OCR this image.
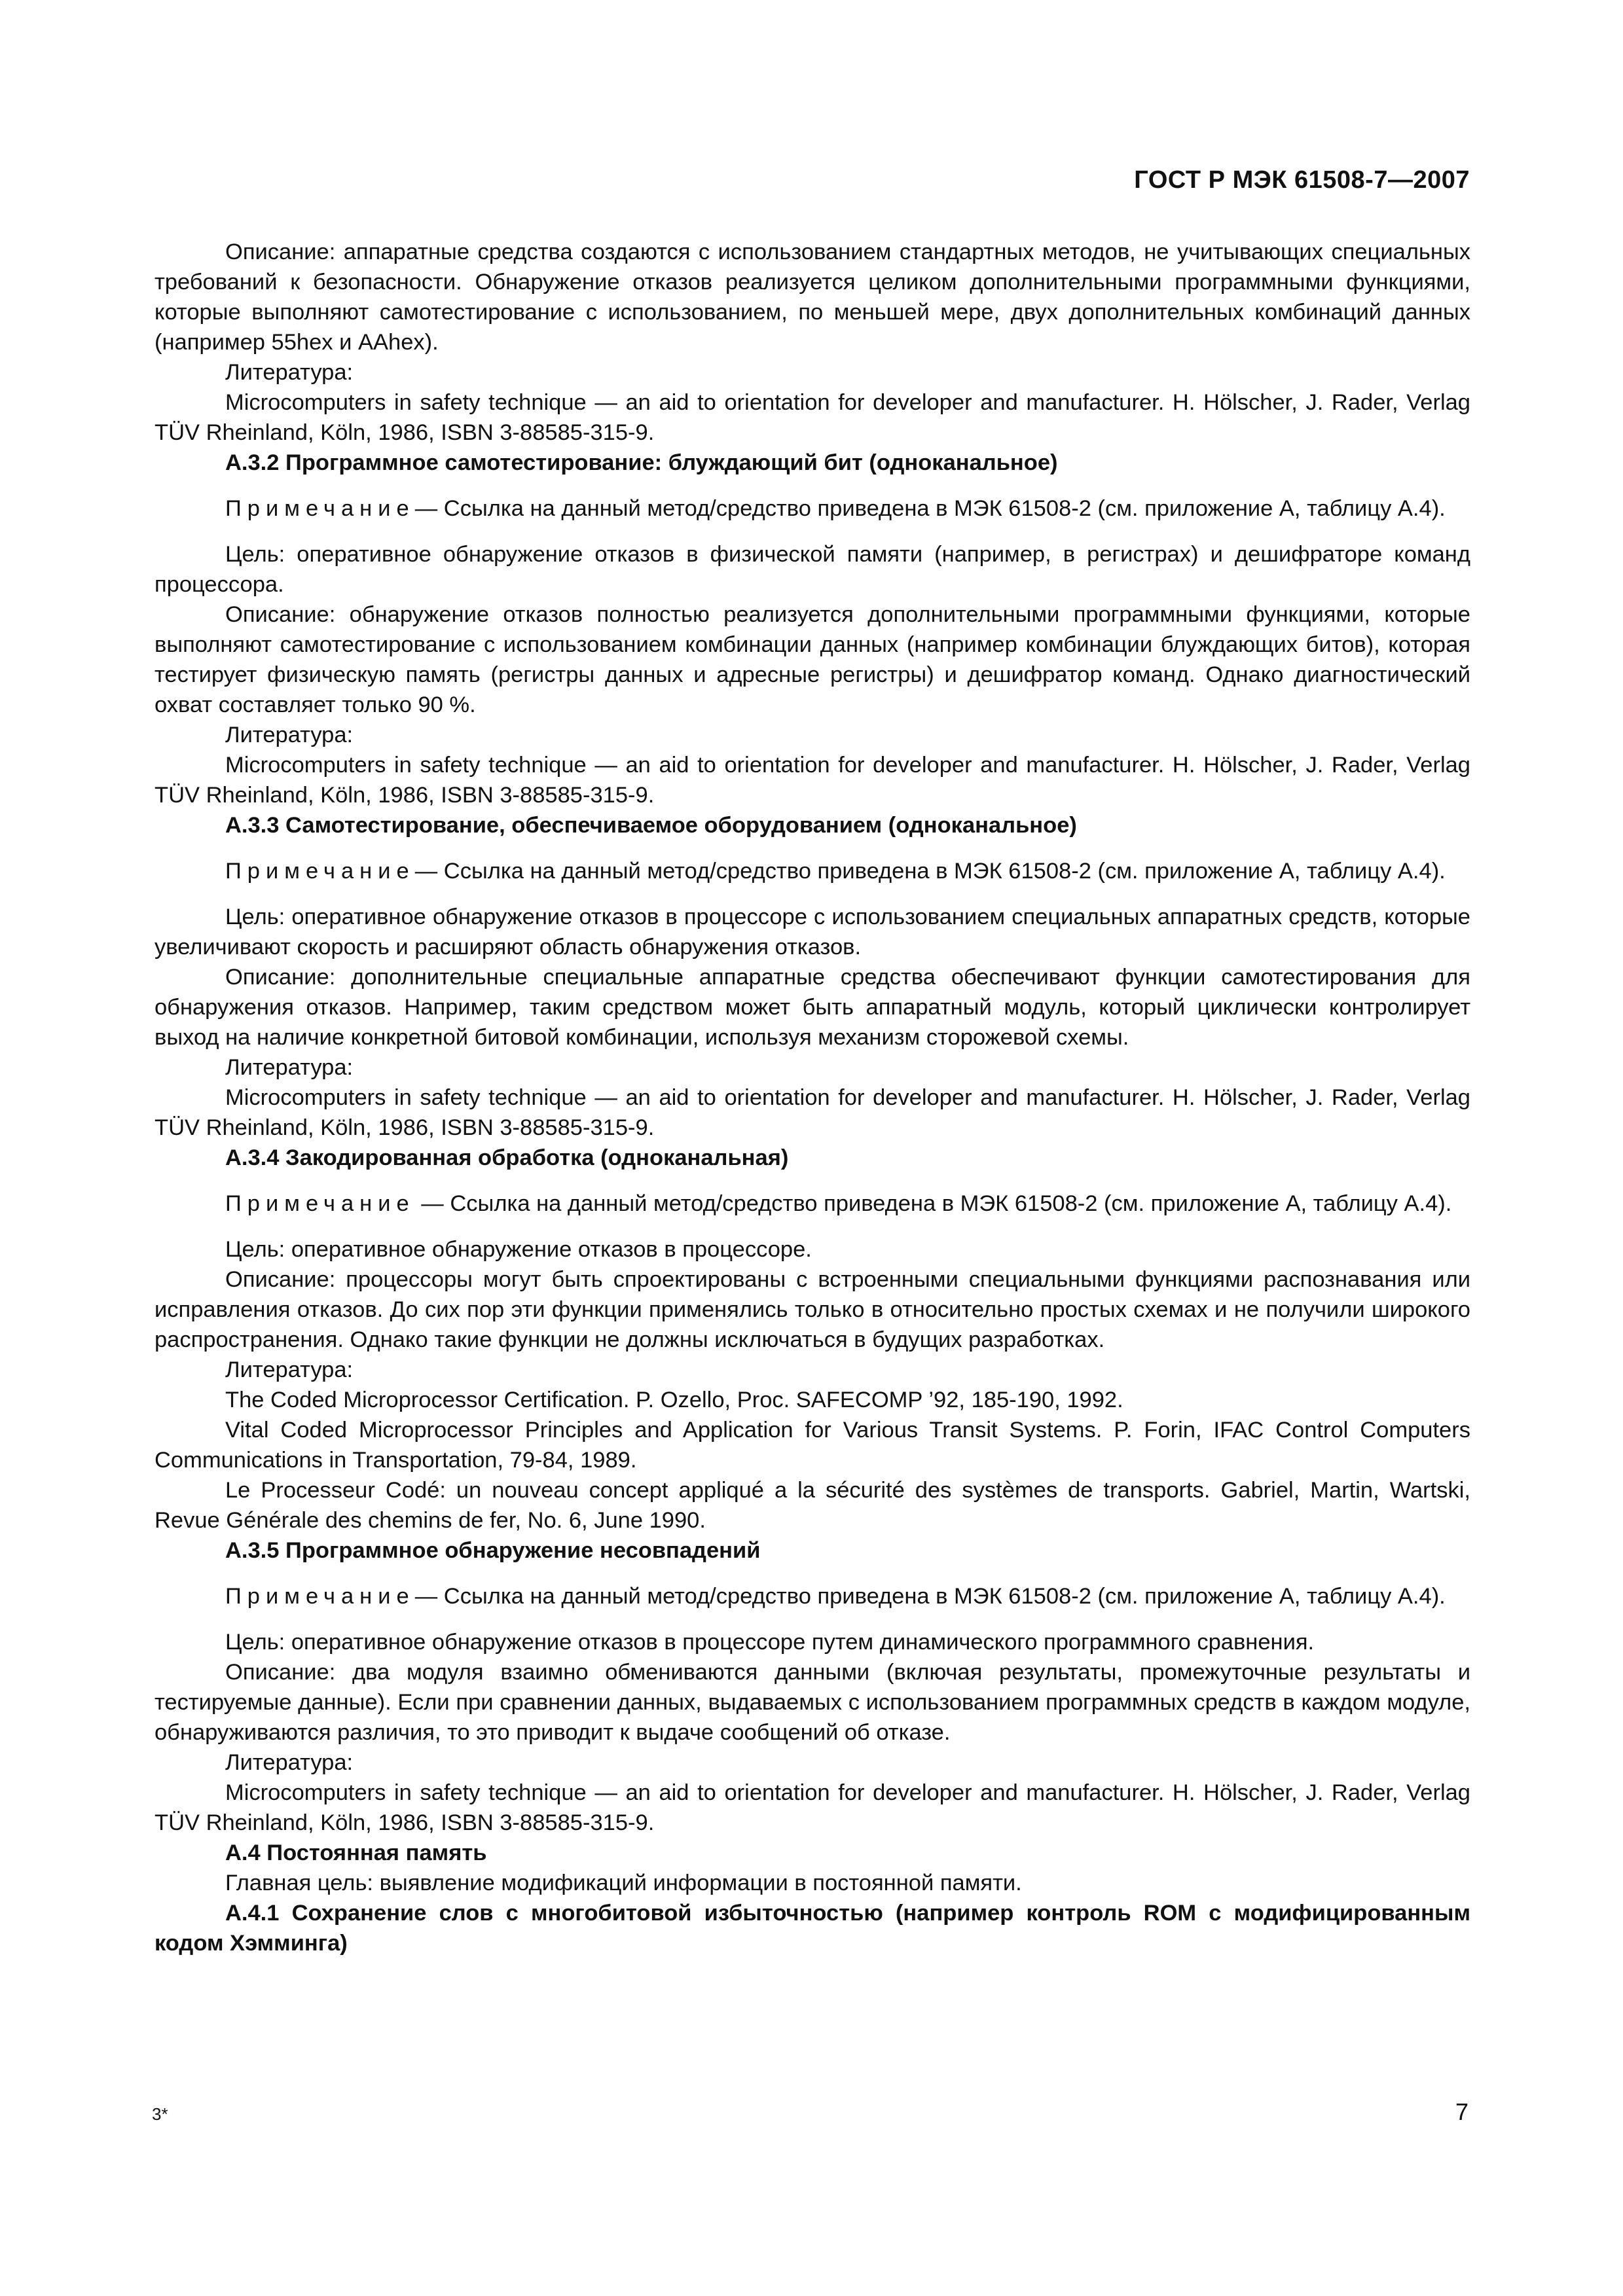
ГОСТ Р МЭК 61508-7—2007

Описание: аппаратные средства создаются с использованием стандартных методов, не учитывающих специальных требований к безопасности. Обнаружение отказов реализуется целиком дополнительными программными функциями, которые выполняют самотестирование с использованием, по меньшей мере, двух дополнительных комбинаций данных (например 55hex и AAhex).

Литература:

Microcomputers in safety technique — an aid to orientation for developer and manufacturer. H. Hölscher, J. Rader, Verlag TÜV Rheinland, Köln, 1986, ISBN 3-88585-315-9.

А.3.2 Программное самотестирование: блуждающий бит (одноканальное)

Примечание— Ссылка на данный метод/средство приведена в МЭК 61508-2 (см. приложение А, таблицу А.4).

Цель: оперативное обнаружение отказов в физической памяти (например, в регистрах) и дешифраторе команд процессора.

Описание: обнаружение отказов полностью реализуется дополнительными программными функциями, которые выполняют самотестирование с использованием комбинации данных (например комбинации блуждающих битов), которая тестирует физическую память (регистры данных и адресные регистры) и дешифратор команд. Однако диагностический охват составляет только 90 %.

Литература:

Microcomputers in safety technique — an aid to orientation for developer and manufacturer. H. Hölscher, J. Rader, Verlag TÜV Rheinland, Köln, 1986, ISBN 3-88585-315-9.

А.3.3 Самотестирование, обеспечиваемое оборудованием (одноканальное)

Примечание— Ссылка на данный метод/средство приведена в МЭК 61508-2 (см. приложение А, таблицу А.4).

Цель: оперативное обнаружение отказов в процессоре с использованием специальных аппаратных средств, которые увеличивают скорость и расширяют область обнаружения отказов.

Описание: дополнительные специальные аппаратные средства обеспечивают функции самотестирования для обнаружения отказов. Например, таким средством может быть аппаратный модуль, который циклически контролирует выход на наличие конкретной битовой комбинации, используя механизм сторожевой схемы.

Литература:

Microcomputers in safety technique — an aid to orientation for developer and manufacturer. H. Hölscher, J. Rader, Verlag TÜV Rheinland, Köln, 1986, ISBN 3-88585-315-9.

А.3.4 Закодированная обработка (одноканальная)

Примечание — Ссылка на данный метод/средство приведена в МЭК 61508-2 (см. приложение А, таблицу А.4).

Цель: оперативное обнаружение отказов в процессоре.

Описание: процессоры могут быть спроектированы с встроенными специальными функциями распознавания или исправления отказов. До сих пор эти функции применялись только в относительно простых схемах и не получили широкого распространения. Однако такие функции не должны исключаться в будущих разработках.

Литература:

The Coded Microprocessor Certification. P. Ozello, Proc. SAFECOMP ’92, 185-190, 1992.

Vital Coded Microprocessor Principles and Application for Various Transit Systems. P. Forin, IFAC Control Computers Communications in Transportation, 79-84, 1989.

Le Processeur Codé: un nouveau concept appliqué a la sécurité des systèmes de transports. Gabriel, Martin, Wartski, Revue Générale des chemins de fer, No. 6, June 1990.

А.3.5 Программное обнаружение несовпадений

Примечание— Ссылка на данный метод/средство приведена в МЭК 61508-2 (см. приложение А, таблицу А.4).

Цель: оперативное обнаружение отказов в процессоре путем динамического программного сравнения.

Описание: два модуля взаимно обмениваются данными (включая результаты, промежуточные результаты и тестируемые данные). Если при сравнении данных, выдаваемых с использованием программных средств в каждом модуле, обнаруживаются различия, то это приводит к выдаче сообщений об отказе.

Литература:

Microcomputers in safety technique — an aid to orientation for developer and manufacturer. H. Hölscher, J. Rader, Verlag TÜV Rheinland, Köln, 1986, ISBN 3-88585-315-9.

А.4 Постоянная память

Главная цель: выявление модификаций информации в постоянной памяти.

А.4.1 Сохранение слов с многобитовой избыточностью (например контроль ROM с модифицированным кодом Хэмминга)
3*	7
